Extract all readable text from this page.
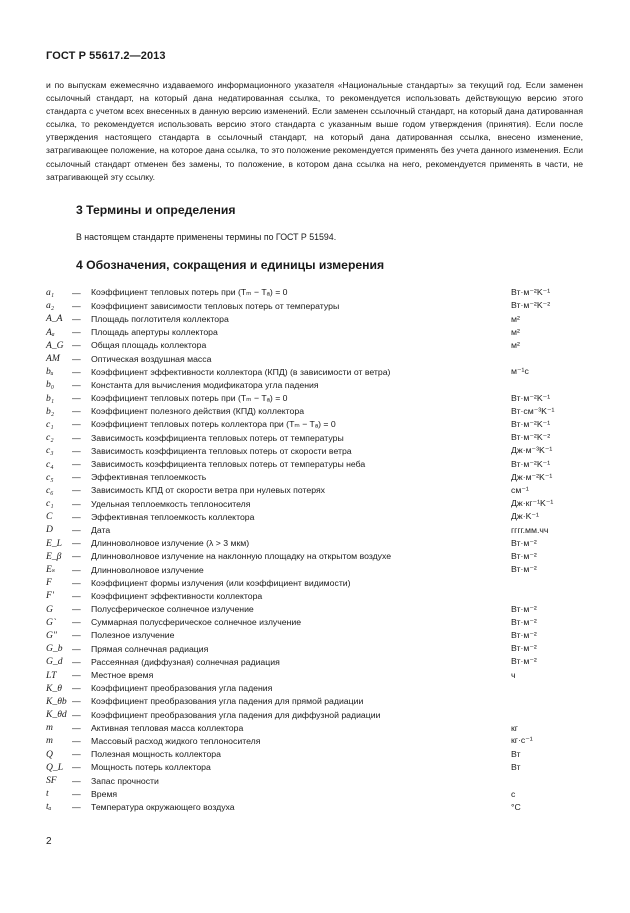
ГОСТ Р 55617.2—2013

и по выпускам ежемесячно издаваемого информационного указателя «Национальные стандарты» за текущий год. Если заменен ссылочный стандарт, на который дана недатированная ссылка, то рекомендуется использовать действующую версию этого стандарта с учетом всех внесенных в данную версию изменений. Если заменен ссылочный стандарт, на который дана датированная ссылка, то рекомендуется использовать версию этого стандарта с указанным выше годом утверждения (принятия). Если после утверждения настоящего стандарта в ссылочный стандарт, на который дана датированная ссылка, внесено изменение, затрагивающее положение, на которое дана ссылка, то это положение рекомендуется применять без учета данного изменения. Если ссылочный стандарт отменен без замены, то положение, в котором дана ссылка на него, рекомендуется применять в части, не затрагивающей эту ссылку.

3 Термины и определения
В настоящем стандарте применены термины по ГОСТ Р 51594.
4 Обозначения, сокращения и единицы измерения
a₁	—	Коэффициент тепловых потерь при (Tₘ − Tₐ) = 0	Вт·м⁻²K⁻¹
a₂	—	Коэффициент зависимости тепловых потерь от температуры	Вт·м⁻²K⁻²
A_A	—	Площадь поглотителя коллектора	м²
Aₐ	—	Площадь апертуры коллектора	м²
A_G —	Общая площадь коллектора	м²
AM	—	Оптическая воздушная масса
bᵤ	—	Коэффициент эффективности коллектора (КПД) (в зависимости от ветра)	м⁻¹с
b₀	—	Константа для вычисления модификатора угла падения
b₁	—	Коэффициент тепловых потерь при (Tₘ − Tₐ) = 0	Вт·м⁻²K⁻¹
b₂	—	Коэффициент полезного действия (КПД) коллектора	Вт·см⁻³K⁻¹
c₁	—	Коэффициент тепловых потерь коллектора при (Tₘ − Tₐ) = 0	Вт·м⁻²K⁻¹
c₂	—	Зависимость коэффициента тепловых потерь от температуры	Вт·м⁻²K⁻²
c₃	—	Зависимость коэффициента тепловых потерь от скорости ветра	Дж·м⁻³K⁻¹
c₄	—	Зависимость коэффициента тепловых потерь от температуры неба	Вт·м⁻²K⁻¹
c₅	—	Эффективная теплоемкость	Дж·м⁻²K⁻¹
c₆	—	Зависимость КПД от скорости ветра при нулевых потерях	см⁻¹
c₁	—	Удельная теплоемкость теплоносителя	Дж·кг⁻¹K⁻¹
C	—	Эффективная теплоемкость коллектора	Дж·K⁻¹
D	—	Дата	гггг.мм.чч
E_L	—	Длинноволновое излучение (λ > 3 мкм)	Вт·м⁻²
E_β	—	Длинноволновое излучение на наклонную площадку на открытом воздухе	Вт·м⁻²
Eₛ	—	Длинноволновое излучение	Вт·м⁻²
F	—	Коэффициент формы излучения (или коэффициент видимости)
F'	—	Коэффициент эффективности коллектора
G	—	Полусферическое солнечное излучение	Вт·м⁻²
G`	—	Суммарная полусферическое солнечное излучение	Вт·м⁻²
G"	—	Полезное излучение	Вт·м⁻²
G_b	—	Прямая солнечная радиация	Вт·м⁻²
G_d	—	Рассеянная (диффузная) солнечная радиация	Вт·м⁻²
LT	—	Местное время	ч
K_θ	—	Коэффициент преобразования угла падения
K_θb —	Коэффициент преобразования угла падения для прямой радиации
K_θd —	Коэффициент преобразования угла падения для диффузной радиации
m	—	Активная тепловая масса коллектора	кг
m	—	Массовый расход жидкого теплоносителя	кг·с⁻¹
Q	—	Полезная мощность коллектора	Вт
Q_L	—	Мощность потерь коллектора	Вт
SF	—	Запас прочности
t	—	Время	с
tₐ	—	Температура окружающего воздуха	°С
2
